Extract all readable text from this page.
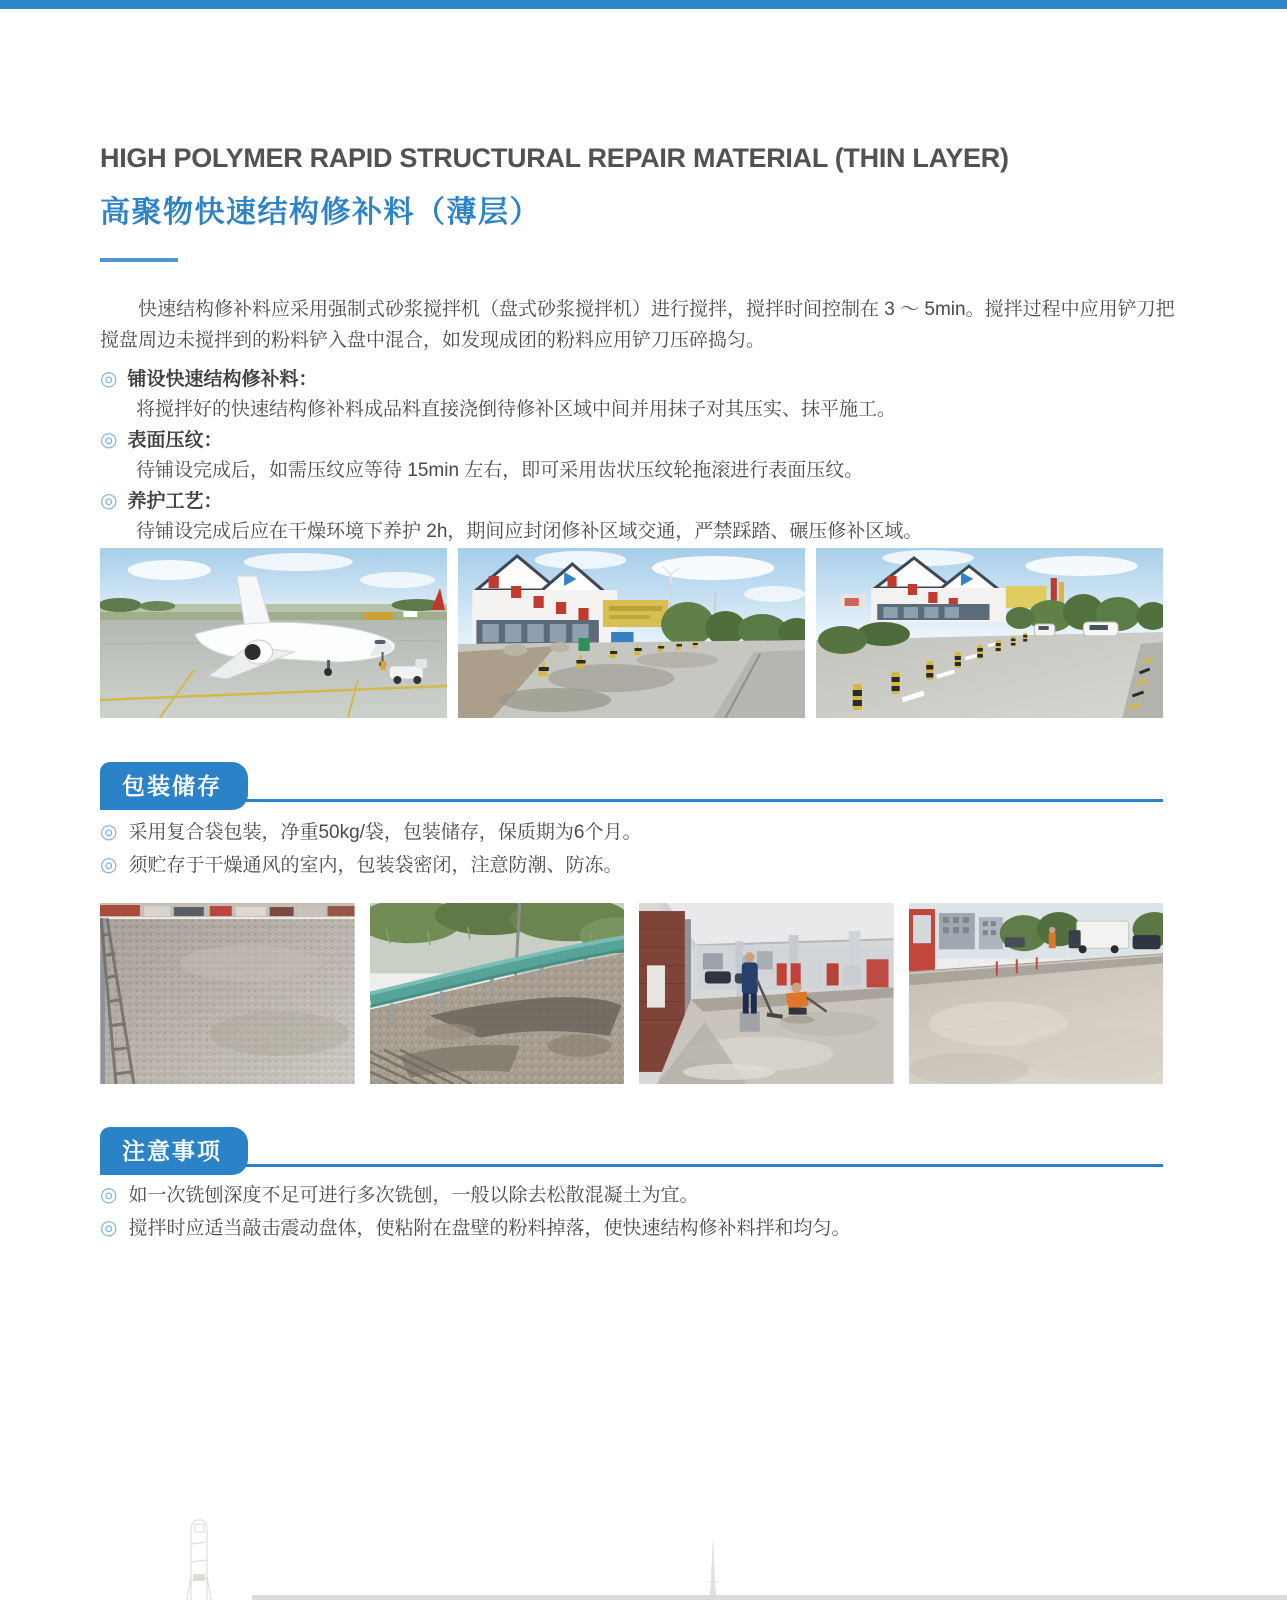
HIGH POLYMER RAPID STRUCTURAL REPAIR MATERIAL (THIN LAYER)
高聚物快速结构修补料（薄层）

快速结构修补料应采用强制式砂浆搅拌机（盘式砂浆搅拌机）进行搅拌，搅拌时间控制在 3 ～ 5min。搅拌过程中应用铲刀把搅盘周边未搅拌到的粉料铲入盘中混合，如发现成团的粉料应用铲刀压碎捣匀。

◎ 铺设快速结构修补料：

将搅拌好的快速结构修补料成品料直接浇倒待修补区域中间并用抹子对其压实、抹平施工。

◎ 表面压纹：

待铺设完成后，如需压纹应等待 15min 左右，即可采用齿状压纹轮拖滚进行表面压纹。

◎ 养护工艺：

待铺设完成后应在干燥环境下养护 2h，期间应封闭修补区域交通，严禁踩踏、碾压修补区域。

包装储存
◎ 采用复合袋包装，净重50kg/袋，包装储存，保质期为6个月。
◎ 须贮存于干燥通风的室内，包装袋密闭，注意防潮、防冻。
注意事项
◎ 如一次铣刨深度不足可进行多次铣刨，一般以除去松散混凝土为宜。
◎ 搅拌时应适当敲击震动盘体，使粘附在盘壁的粉料掉落，使快速结构修补料拌和均匀。
